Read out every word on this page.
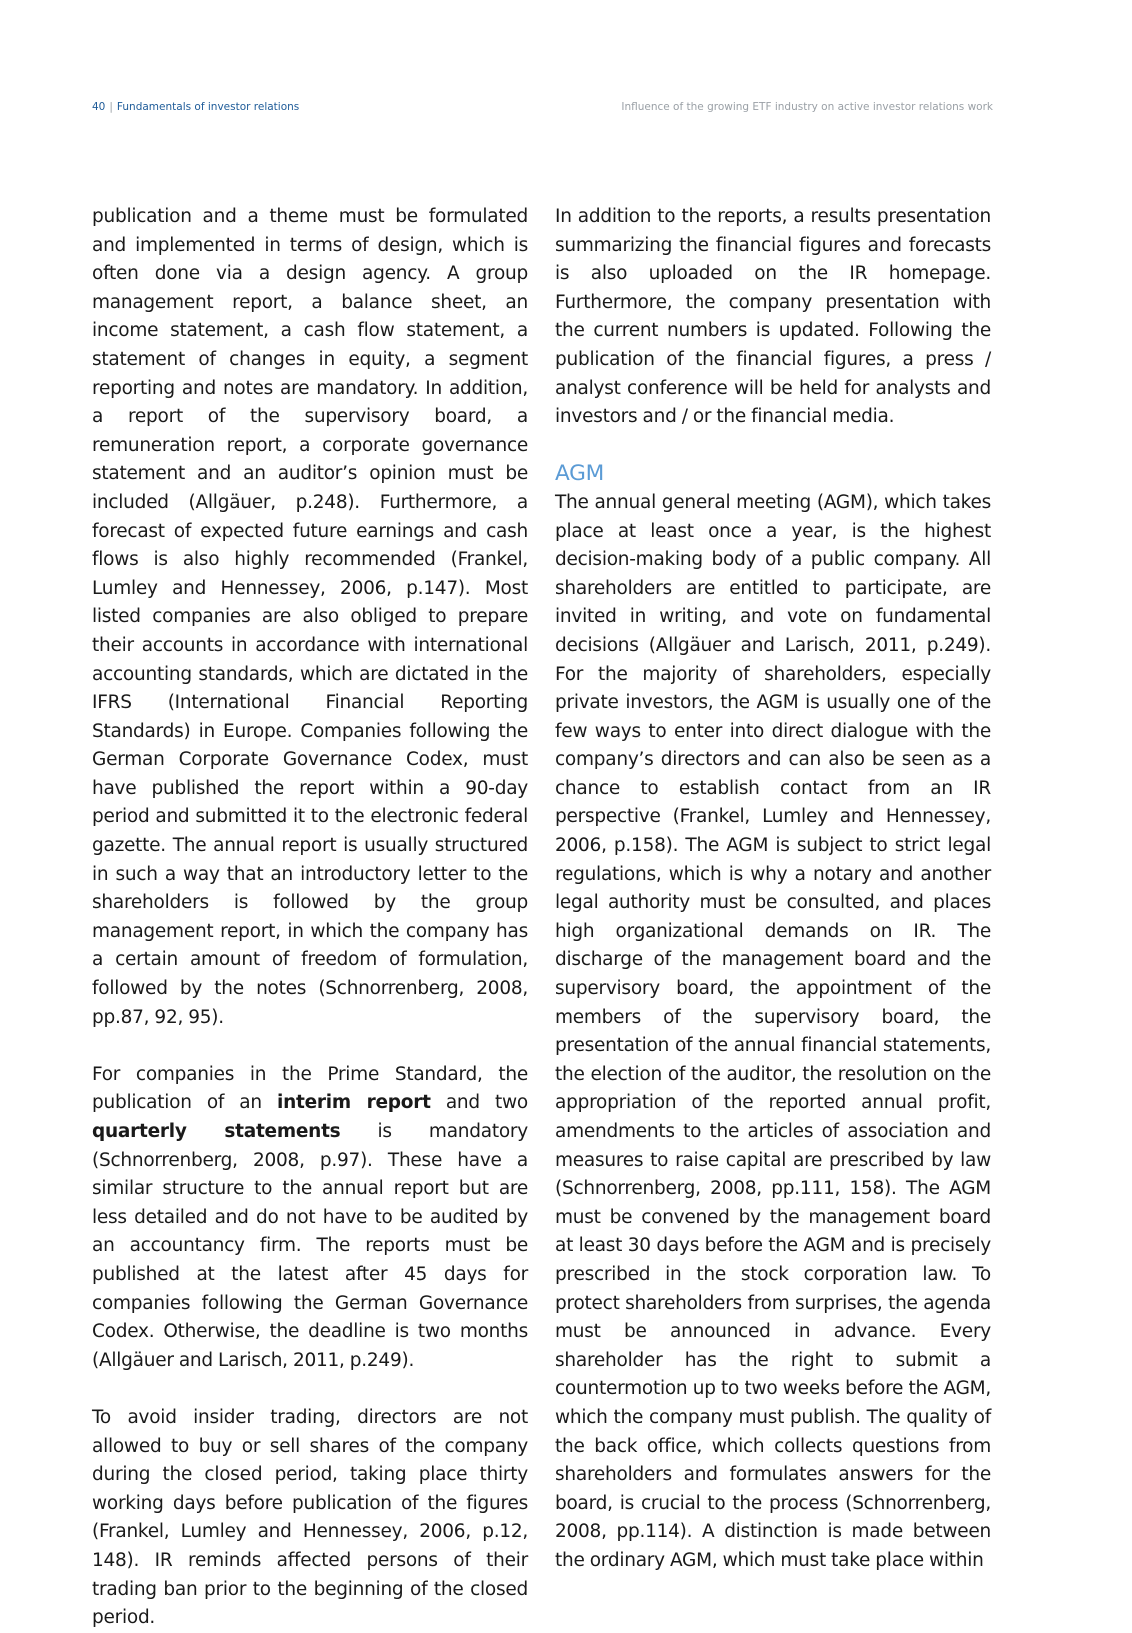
40 | Fundamentals of investor relations	Influence of the growing ETF industry on active investor relations work

publication and a theme must be formulated and implemented in terms of design, which is often done via a design agency. A group management report, a balance sheet, an income statement, a cash flow statement, a statement of changes in equity, a segment reporting and notes are mandatory. In addition, a report of the supervisory board, a remuneration report, a corporate governance statement and an auditor’s opinion must be included (Allgäuer, p.248). Furthermore, a forecast of expected future earnings and cash flows is also highly recommended (Frankel, Lumley and Hennessey, 2006, p.147). Most listed companies are also obliged to prepare their accounts in accordance with international accounting standards, which are dictated in the IFRS (International Financial Reporting Standards) in Europe. Companies following the German Corporate Governance Codex, must have published the report within a 90-day period and submitted it to the electronic federal gazette. The annual report is usually structured in such a way that an introductory letter to the shareholders is followed by the group management report, in which the company has a certain amount of freedom of formulation, followed by the notes (Schnorrenberg, 2008, pp.87, 92, 95).

For companies in the Prime Standard, the publication of an interim report and two quarterly statements is mandatory (Schnorrenberg, 2008, p.97). These have a similar structure to the annual report but are less detailed and do not have to be audited by an accountancy firm. The reports must be published at the latest after 45 days for companies following the German Governance Codex. Otherwise, the deadline is two months (Allgäuer and Larisch, 2011, p.249).

To avoid insider trading, directors are not allowed to buy or sell shares of the company during the closed period, taking place thirty working days before publication of the figures (Frankel, Lumley and Hennessey, 2006, p.12, 148). IR reminds affected persons of their trading ban prior to the beginning of the closed period.

In addition to the reports, a results presentation summarizing the financial figures and forecasts is also uploaded on the IR homepage. Furthermore, the company presentation with the current numbers is updated. Following the publication of the financial figures, a press / analyst conference will be held for analysts and investors and / or the financial media.

AGM

The annual general meeting (AGM), which takes place at least once a year, is the highest decision-making body of a public company. All shareholders are entitled to participate, are invited in writing, and vote on fundamental decisions (Allgäuer and Larisch, 2011, p.249). For the majority of shareholders, especially private investors, the AGM is usually one of the few ways to enter into direct dialogue with the company’s directors and can also be seen as a chance to establish contact from an IR perspective (Frankel, Lumley and Hennessey, 2006, p.158). The AGM is subject to strict legal regulations, which is why a notary and another legal authority must be consulted, and places high organizational demands on IR. The discharge of the management board and the supervisory board, the appointment of the members of the supervisory board, the presentation of the annual financial statements, the election of the auditor, the resolution on the appropriation of the reported annual profit, amendments to the articles of association and measures to raise capital are prescribed by law (Schnorrenberg, 2008, pp.111, 158). The AGM must be convened by the management board at least 30 days before the AGM and is precisely prescribed in the stock corporation law. To protect shareholders from surprises, the agenda must be announced in advance. Every shareholder has the right to submit a countermotion up to two weeks before the AGM, which the company must publish. The quality of the back office, which collects questions from shareholders and formulates answers for the board, is crucial to the process (Schnorrenberg, 2008, pp.114). A distinction is made between the ordinary AGM, which must take place within
